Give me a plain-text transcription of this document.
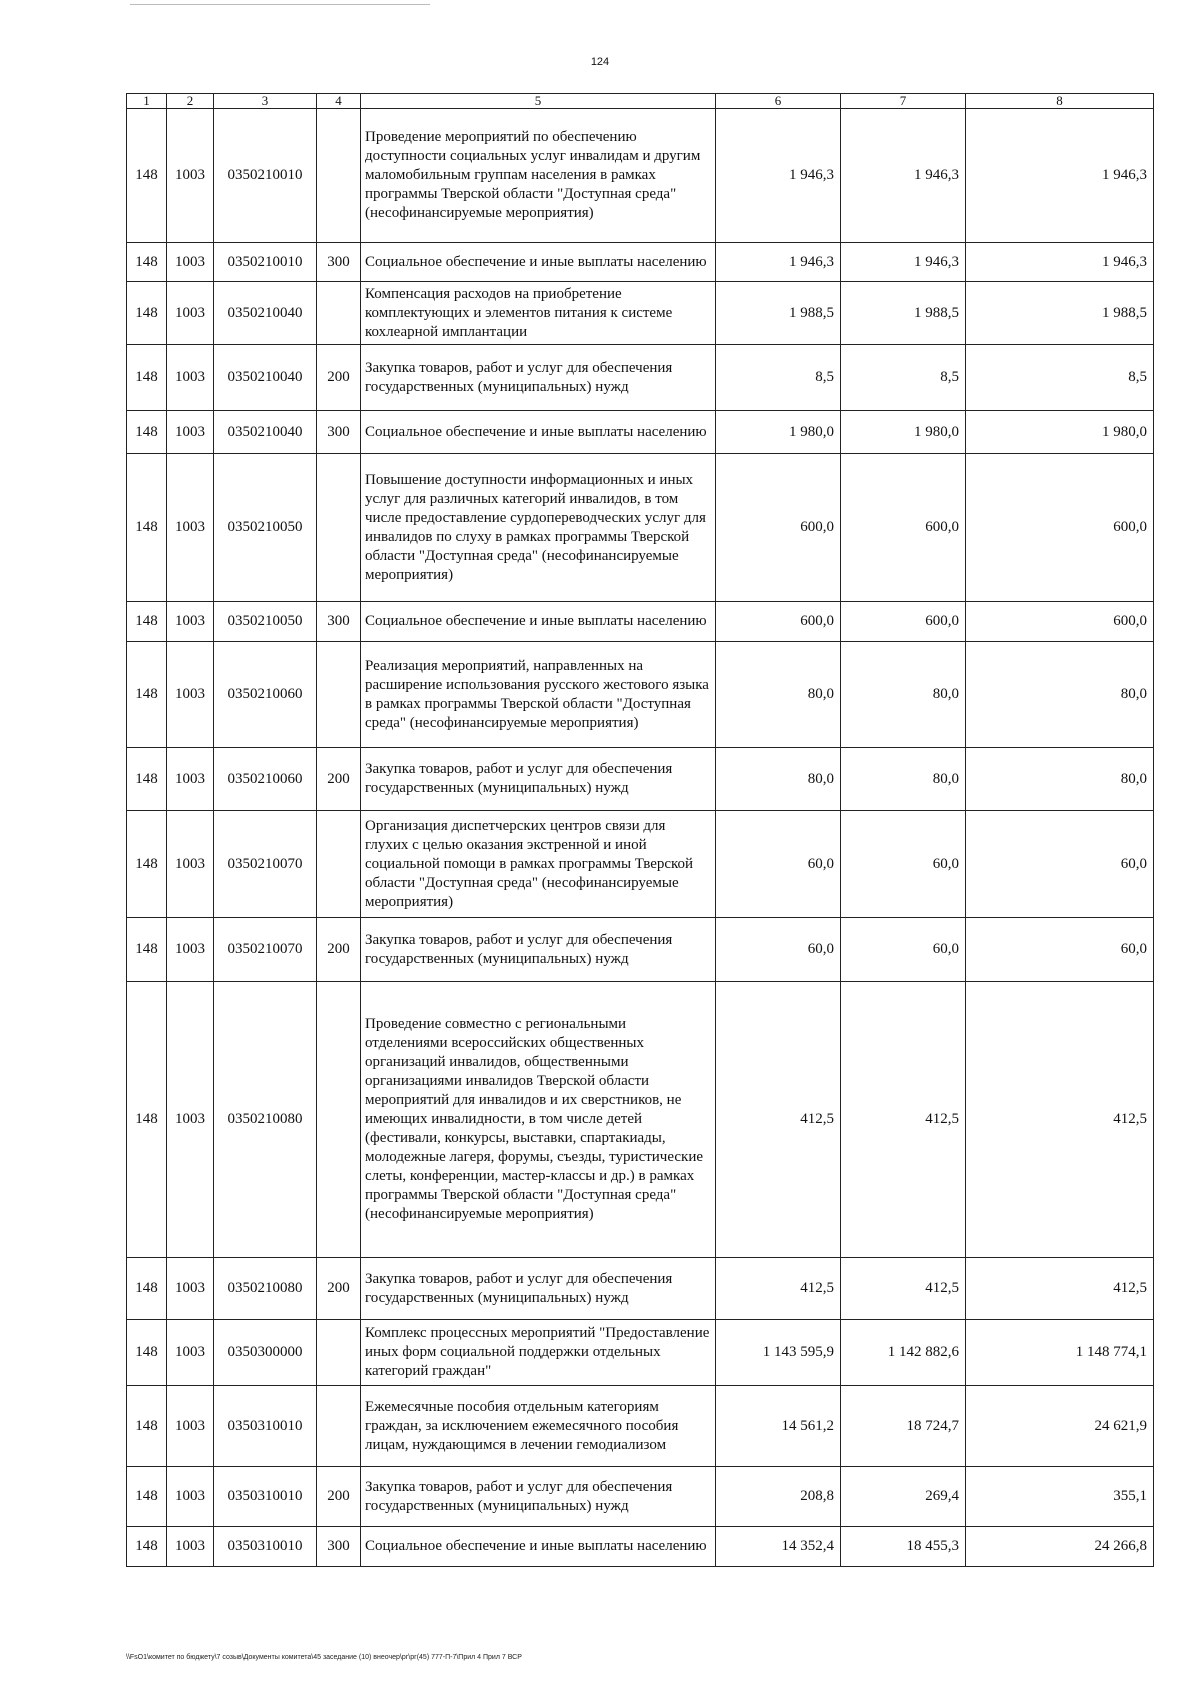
124
1	2	3	4	5	6	7	8
148	1003	0350210010		Проведение мероприятий по обеспечению доступности социальных услуг инвалидам и другим маломобильным группам населения в рамках программы Тверской области "Доступная среда" (несофинансируемые мероприятия)	1 946,3	1 946,3	1 946,3
148	1003	0350210010	300	Социальное обеспечение и иные выплаты населению	1 946,3	1 946,3	1 946,3
148	1003	0350210040		Компенсация расходов на приобретение комплектующих и элементов питания к системе кохлеарной имплантации	1 988,5	1 988,5	1 988,5
148	1003	0350210040	200	Закупка товаров, работ и услуг для обеспечения государственных (муниципальных) нужд	8,5	8,5	8,5
148	1003	0350210040	300	Социальное обеспечение и иные выплаты населению	1 980,0	1 980,0	1 980,0
148	1003	0350210050		Повышение доступности информационных и иных услуг для различных категорий инвалидов, в том числе предоставление сурдопереводческих услуг для инвалидов по слуху в рамках программы Тверской области "Доступная среда" (несофинансируемые мероприятия)	600,0	600,0	600,0
148	1003	0350210050	300	Социальное обеспечение и иные выплаты населению	600,0	600,0	600,0
148	1003	0350210060		Реализация мероприятий, направленных на расширение использования русского жестового языка в рамках программы Тверской области "Доступная среда" (несофинансируемые мероприятия)	80,0	80,0	80,0
148	1003	0350210060	200	Закупка товаров, работ и услуг для обеспечения государственных (муниципальных) нужд	80,0	80,0	80,0
148	1003	0350210070		Организация диспетчерских центров связи для глухих с целью оказания экстренной и иной социальной помощи в рамках программы Тверской области "Доступная среда" (несофинансируемые мероприятия)	60,0	60,0	60,0
148	1003	0350210070	200	Закупка товаров, работ и услуг для обеспечения государственных (муниципальных) нужд	60,0	60,0	60,0
148	1003	0350210080		Проведение совместно с региональными отделениями всероссийских общественных организаций инвалидов, общественными организациями инвалидов Тверской области мероприятий для инвалидов и их сверстников, не имеющих инвалидности, в том числе детей (фестивали, конкурсы, выставки, спартакиады, молодежные лагеря, форумы, съезды, туристические слеты, конференции, мастер-классы и др.) в рамках программы Тверской области "Доступная среда" (несофинансируемые мероприятия)	412,5	412,5	412,5
148	1003	0350210080	200	Закупка товаров, работ и услуг для обеспечения государственных (муниципальных) нужд	412,5	412,5	412,5
148	1003	0350300000		Комплекс процессных мероприятий "Предоставление иных форм социальной поддержки отдельных категорий граждан"	1 143 595,9	1 142 882,6	1 148 774,1
148	1003	0350310010		Ежемесячные пособия отдельным категориям граждан, за исключением ежемесячного пособия лицам, нуждающимся в лечении гемодиализом	14 561,2	18 724,7	24 621,9
148	1003	0350310010	200	Закупка товаров, работ и услуг для обеспечения государственных (муниципальных) нужд	208,8	269,4	355,1
148	1003	0350310010	300	Социальное обеспечение и иные выплаты населению	14 352,4	18 455,3	24 266,8
\\FsO1\комитет по бюджету\7 созыв\Документы комитета\45 заседание (10) внеочер\рг\рг(45) 777-П-7\Прил 4 Прил 7 ВСР
